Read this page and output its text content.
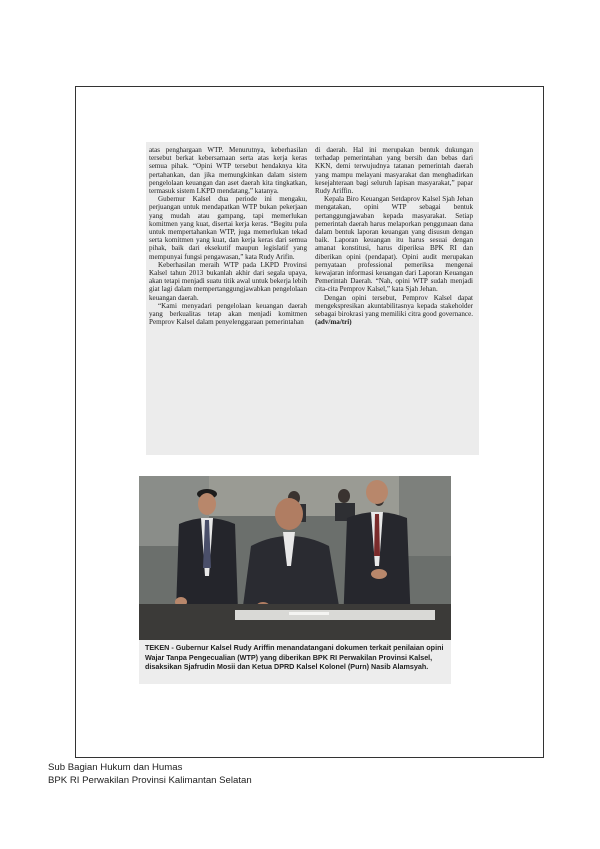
atas penghargaan WTP. Menurutnya, keberhasilan tersebut berkat kebersamaan serta atas kerja keras semua pihak. “Opini WTP tersebut hendaknya kita pertahankan, dan jika memungkinkan dalam sistem pengelolaan keuangan dan aset daerah kita tingkatkan, termasuk sistem LKPD mendatang,” katanya.

Gubernur Kalsel dua periode ini mengaku, perjuangan untuk mendapatkan WTP bukan pekerjaan yang mudah atau gampang, tapi memerlukan komitmen yang kuat, disertai kerja keras. “Begitu pula untuk mempertahankan WTP, juga memerlukan tekad serta komitmen yang kuat, dan kerja keras dari semua pihak, baik dari eksekutif maupun legislatif yang mempunyai fungsi pengawasan,” kata Rudy Arifin.

Keberhasilan meraih WTP pada LKPD Provinsi Kalsel tahun 2013 bukanlah akhir dari segala upaya, akan tetapi menjadi suatu titik awal untuk bekerja lebih giat lagi dalam mempertanggungjawabkan pengelolaan keuangan daerah.

“Kami menyadari pengelolaan keuangan daerah yang berkualitas tetap akan menjadi komitmen Pemprov Kalsel dalam penyelenggaraan pemerintahan

di daerah. Hal ini merupakan bentuk dukungan terhadap pemerintahan yang bersih dan bebas dari KKN, demi terwujudnya tatanan pemerintah daerah yang mampu melayani masyarakat dan menghadirkan kesejahteraan bagi seluruh lapisan masyarakat,” papar Rudy Ariffin.

Kepala Biro Keuangan Setdaprov Kalsel Sjah Jehan mengatakan, opini WTP sebagai bentuk pertanggungjawaban kepada masyarakat. Setiap pemerintah daerah harus melaporkan penggunaan dana dalam bentuk laporan keuangan yang disusun dengan baik. Laporan keuangan itu harus sesuai dengan amanat konstitusi, harus diperiksa BPK RI dan diberikan opini (pendapat). Opini audit merupakan pernyataan professional pemeriksa mengenai kewajaran informasi keuangan dari Laporan Keuangan Pemerintah Daerah. “Nah, opini WTP sudah menjadi cita-cita Pemprov Kalsel,” kata Sjah Jehan.

Dengan opini tersebut, Pemprov Kalsel dapat mengekspresikan akuntabilitasnya kepada stakeholder sebagai birokrasi yang memiliki citra good governance. (adv/ma/tri)

TEKEN - Gubernur Kalsel Rudy Ariffin menandatangani dokumen terkait penilaian opini Wajar Tanpa Pengecualian (WTP) yang diberikan BPK RI Perwakilan Provinsi Kalsel, disaksikan Sjafrudin Mosii dan Ketua DPRD Kalsel Kolonel (Purn) Nasib Alamsyah.
Sub Bagian Hukum dan Humas
BPK RI Perwakilan Provinsi Kalimantan Selatan
